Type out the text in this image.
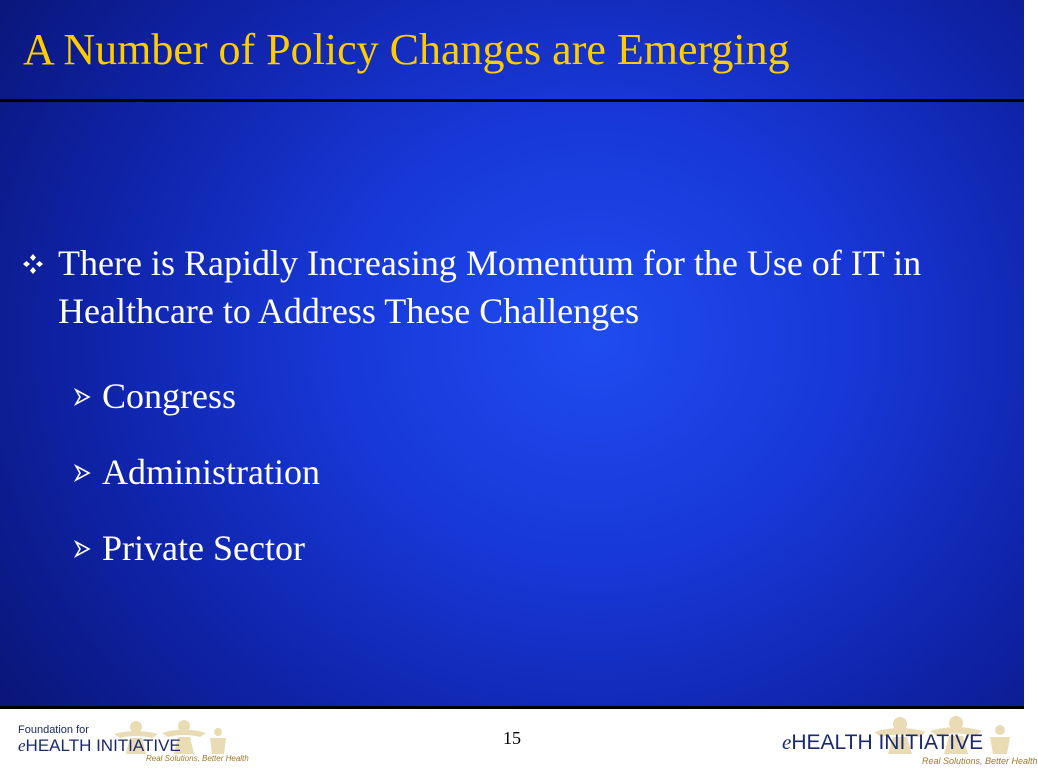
A Number of Policy Changes are Emerging
There is Rapidly Increasing Momentum for the Use of IT in Healthcare to Address These Challenges
Congress
Administration
Private Sector
Foundation for
eHEALTH INITIATIVE
Real Solutions, Better Health
15	eHEALTH INITIATIVE
Real Solutions, Better Health
